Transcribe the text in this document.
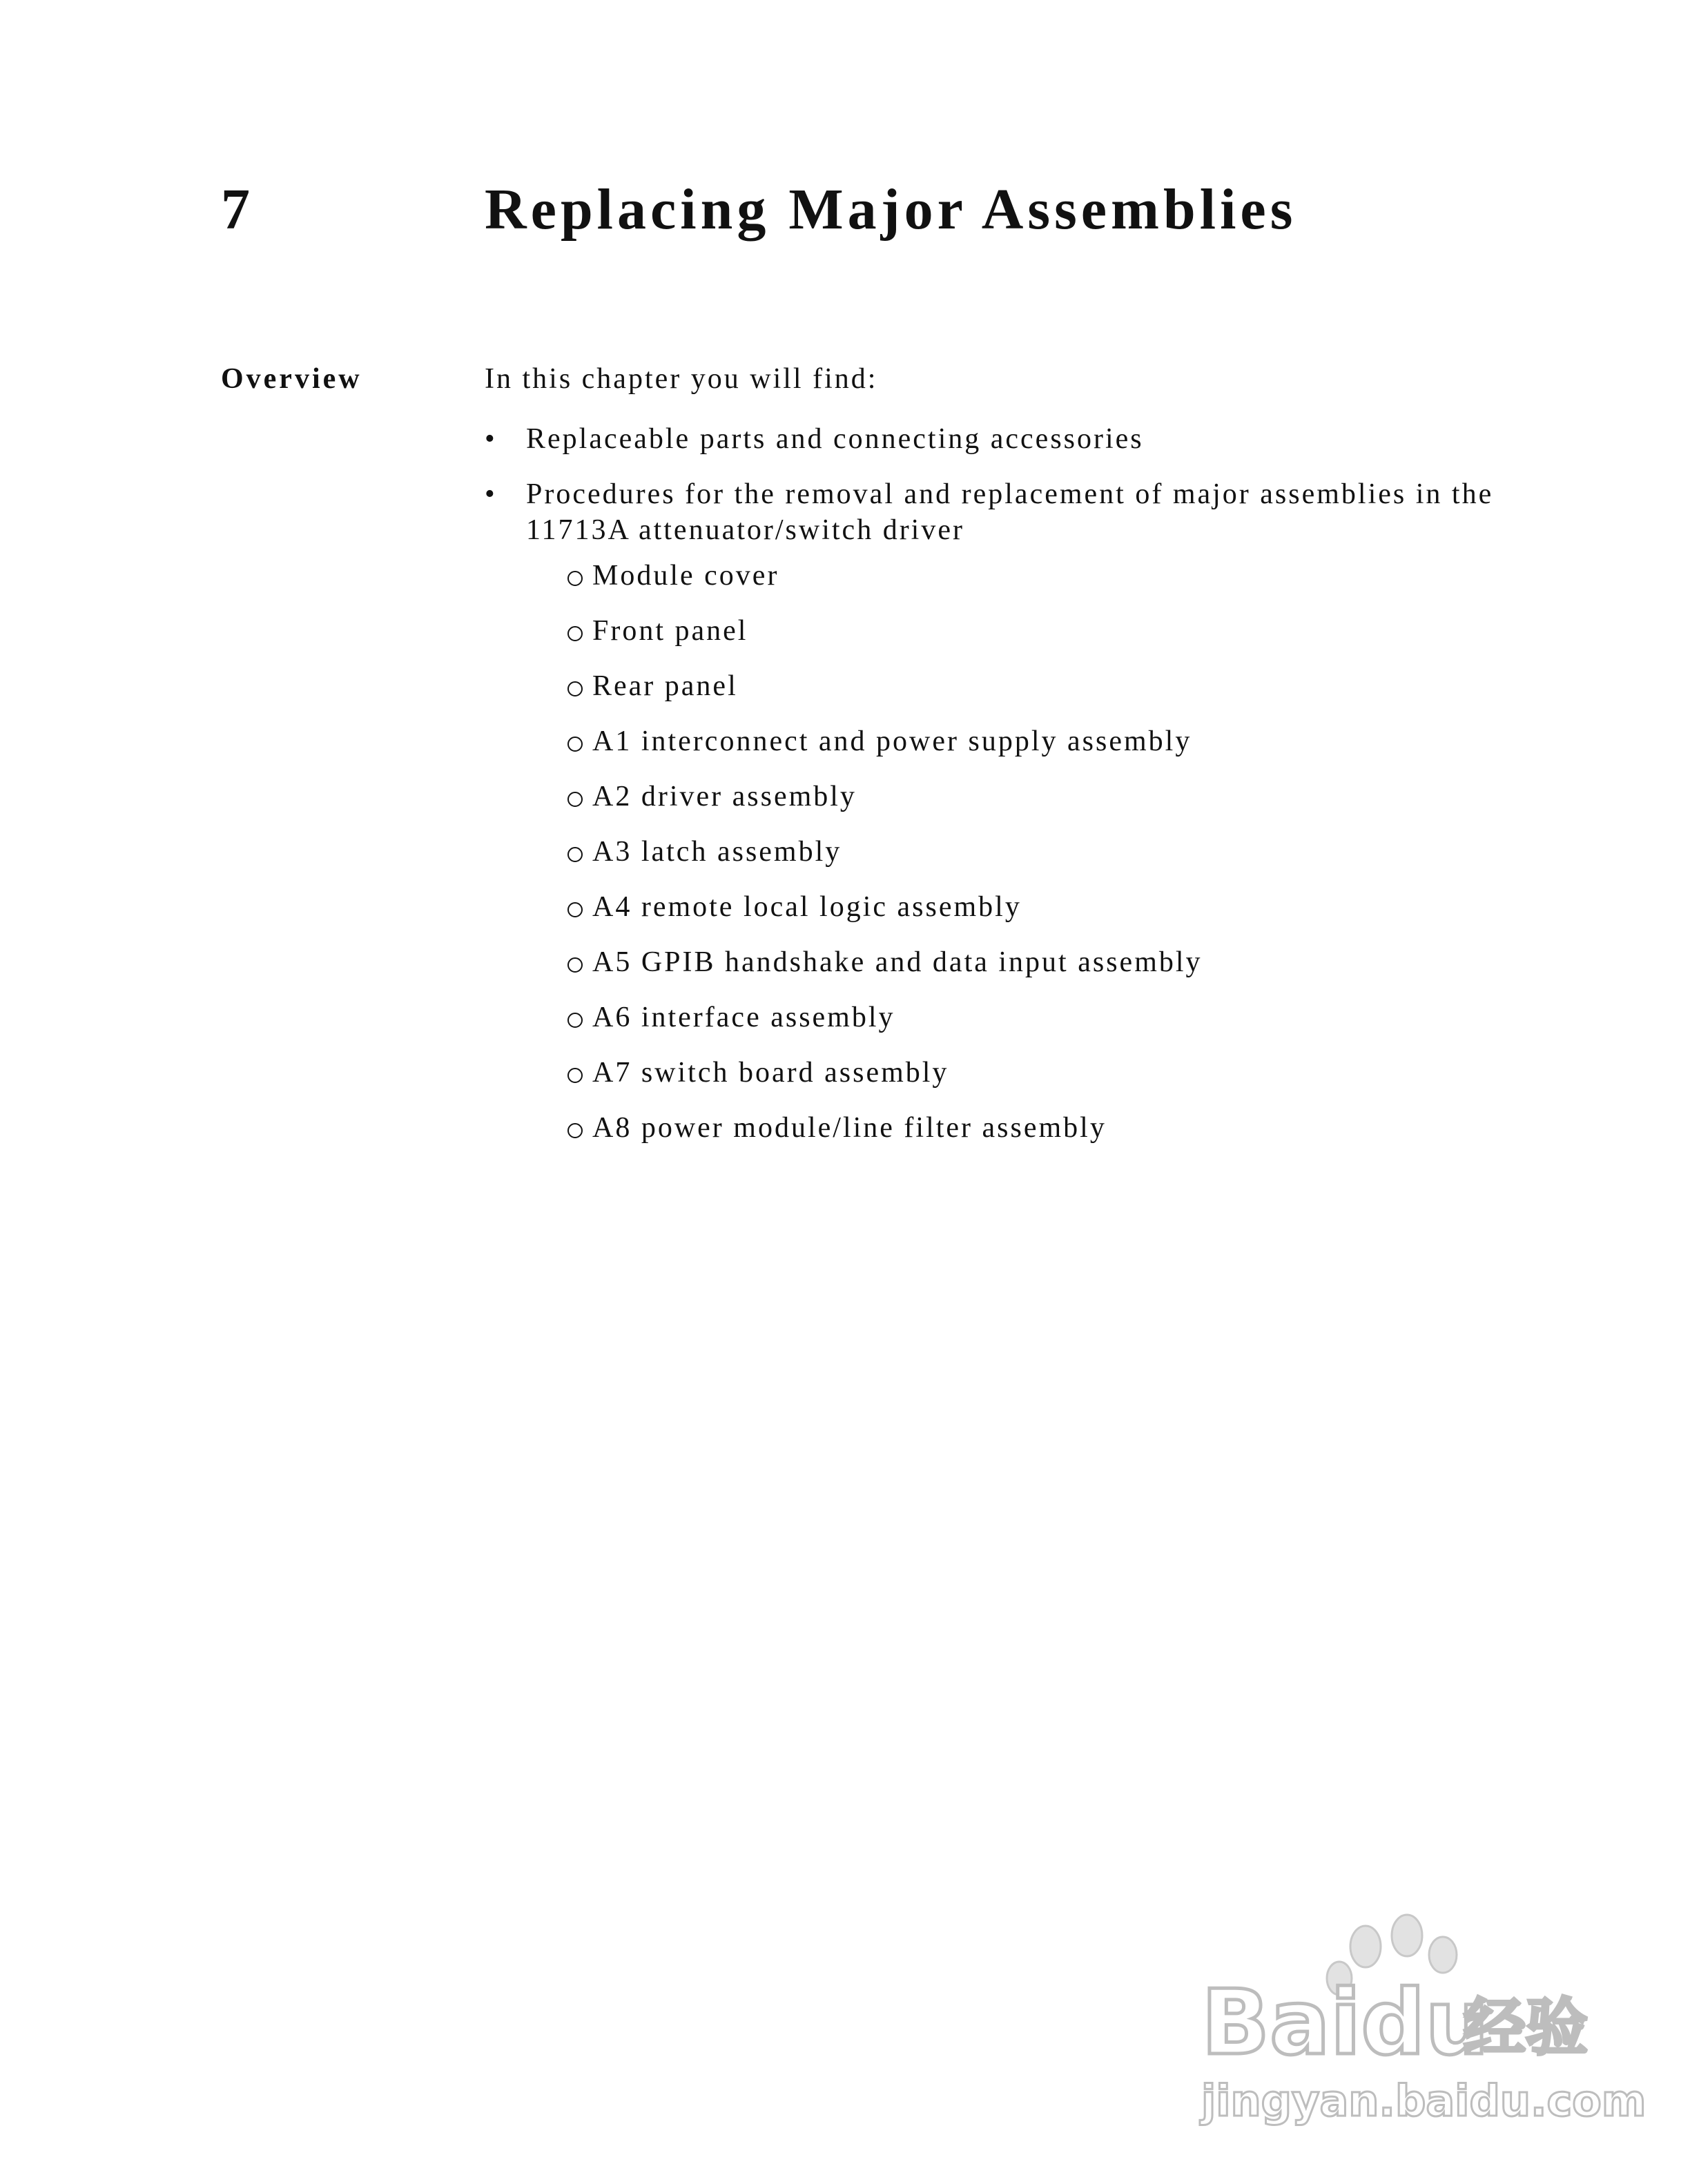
7	Replacing Major Assemblies
Overview	In this chapter you will find:

• Replaceable parts and connecting accessories
• Procedures for the removal and replacement of major assemblies in the 11713A attenuator/switch driver
Module cover
Front panel
Rear panel
A1 interconnect and power supply assembly
A2 driver assembly
A3 latch assembly
A4 remote local logic assembly
A5 GPIB handshake and data input assembly
A6 interface assembly
A7 switch board assembly
A8 power module/line filter assembly
Baidu
经验
jingyan.baidu.com
